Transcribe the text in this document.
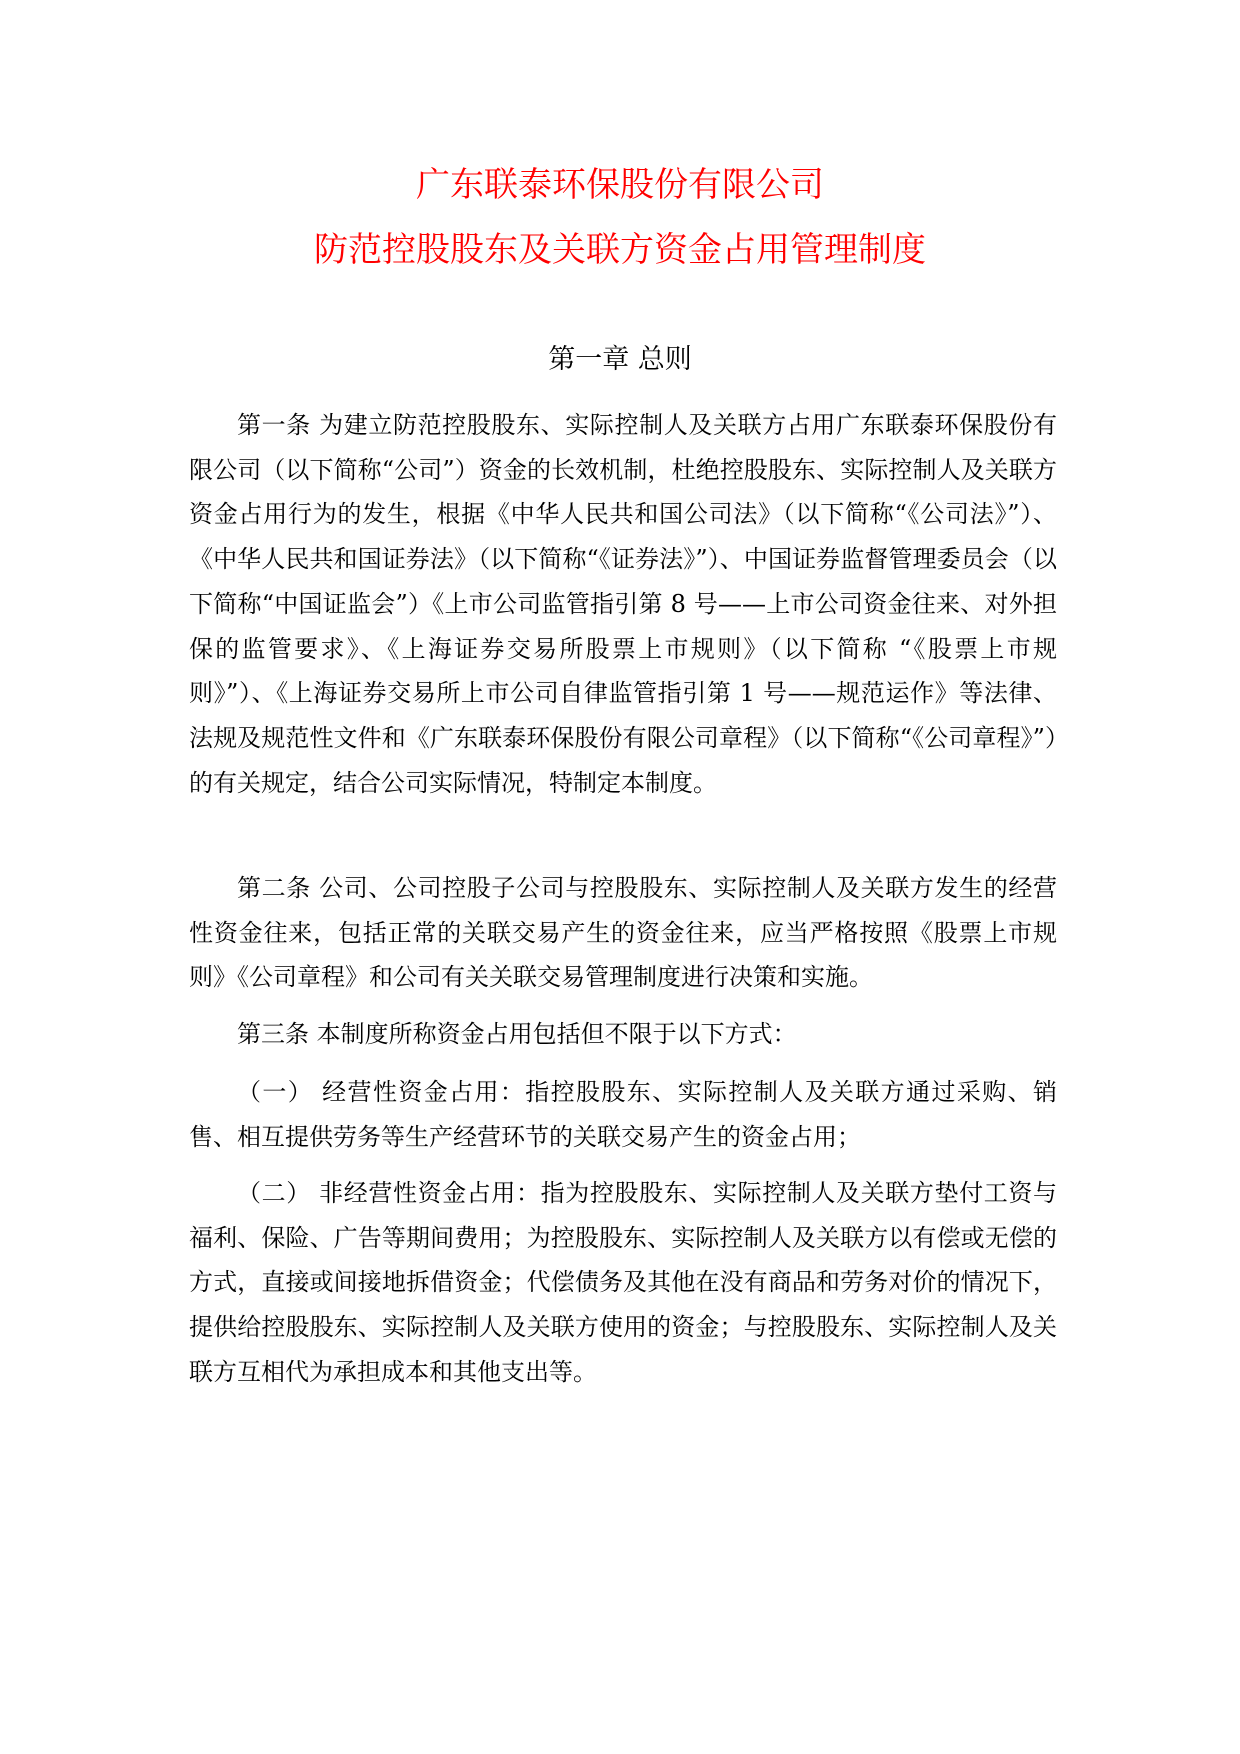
广东联泰环保股份有限公司
防范控股股东及关联方资金占用管理制度
第一章 总则

第一条 为建立防范控股股东、实际控制人及关联方占用广东联泰环保股份有限公司（以下简称“公司”）资金的长效机制，杜绝控股股东、实际控制人及关联方资金占用行为的发生，根据《中华人民共和国公司法》（以下简称“《公司法》”）、《中华人民共和国证券法》（以下简称“《证券法》”）、中国证券监督管理委员会（以下简称“中国证监会”）《上市公司监管指引第 8 号——上市公司资金往来、对外担保的监管要求》、《上海证券交易所股票上市规则》（以下简称 “《股票上市规则》”）、《上海证券交易所上市公司自律监管指引第 1 号——规范运作》等法律、法规及规范性文件和《广东联泰环保股份有限公司章程》（以下简称“《公司章程》”）的有关规定，结合公司实际情况，特制定本制度。

第二条 公司、公司控股子公司与控股股东、实际控制人及关联方发生的经营性资金往来，包括正常的关联交易产生的资金往来，应当严格按照《股票上市规则》《公司章程》和公司有关关联交易管理制度进行决策和实施。

第三条 本制度所称资金占用包括但不限于以下方式：

（一） 经营性资金占用：指控股股东、实际控制人及关联方通过采购、销售、相互提供劳务等生产经营环节的关联交易产生的资金占用；

（二） 非经营性资金占用：指为控股股东、实际控制人及关联方垫付工资与福利、保险、广告等期间费用；为控股股东、实际控制人及关联方以有偿或无偿的方式，直接或间接地拆借资金；代偿债务及其他在没有商品和劳务对价的情况下，提供给控股股东、实际控制人及关联方使用的资金；与控股股东、实际控制人及关联方互相代为承担成本和其他支出等。
